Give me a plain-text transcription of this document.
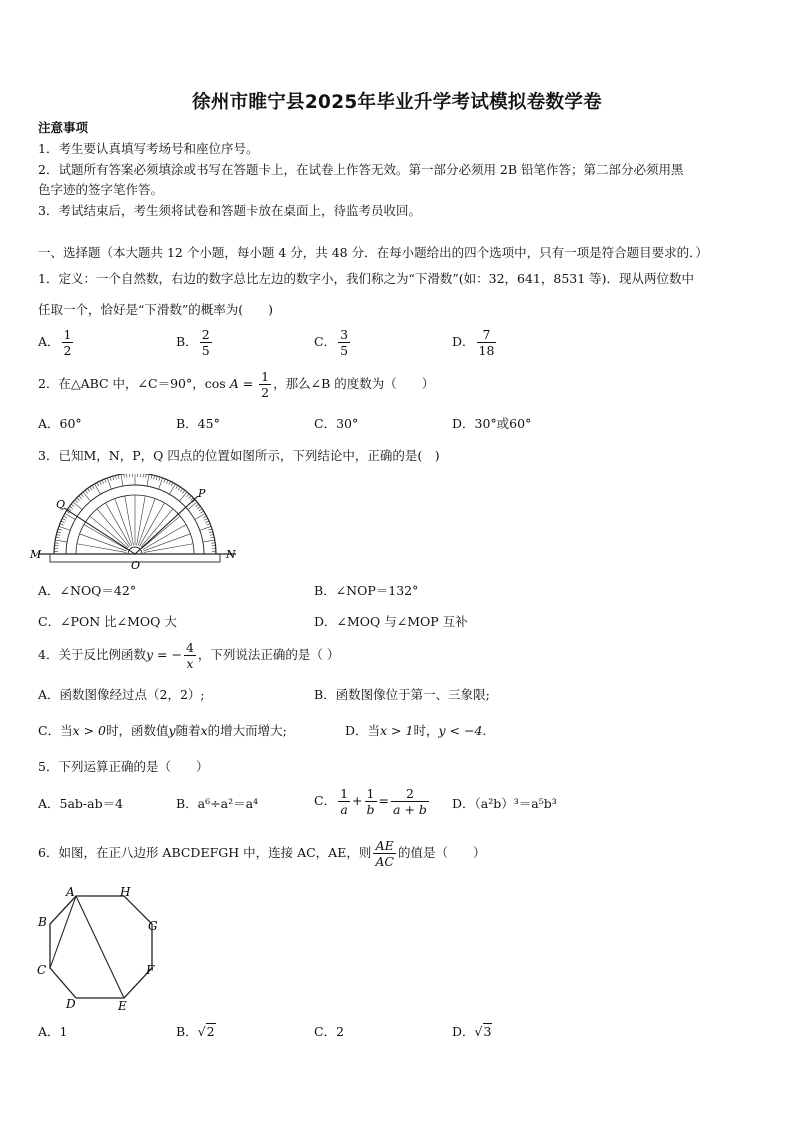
徐州市睢宁县2025年毕业升学考试模拟卷数学卷
注意事项
1．考生要认真填写考场号和座位序号。
2．试题所有答案必须填涂或书写在答题卡上，在试卷上作答无效。第一部分必须用 2B 铅笔作答；第二部分必须用黑
色字迹的签字笔作答。
3．考试结束后，考生须将试卷和答题卡放在桌面上，待监考员收回。
一、选择题（本大题共 12 个小题，每小题 4 分，共 48 分．在每小题给出的四个选项中，只有一项是符合题目要求的．）
1．定义：一个自然数，右边的数字总比左边的数字小，我们称之为“下滑数”(如：32，641，8531 等)．现从两位数中
任取一个，恰好是“下滑数”的概率为(　　)
A． $\frac{1}{2}$	B． $\frac{2}{5}$	C． $\frac{3}{5}$	D． $\frac{7}{18}$
2．在△ABC 中，∠C＝90°，$\cos A = \frac{1}{2}$ ，那么∠B 的度数为（　　）
A．60°	B．45°	C．30°	D．30°或60°
3．已知M，N，P，Q 四点的位置如图所示，下列结论中，正确的是(　)
M	N
O
P
Q
A．∠NOQ＝42°	B．∠NOP＝132°
C．∠PON 比∠MOQ 大	D．∠MOQ 与∠MOP 互补
4．关于反比例函数y = − $\frac{4}{x}$ ，下列说法正确的是（ ）
A．函数图像经过点（2，2）;	B．函数图像位于第一、三象限;
C．当x > 0时，函数值y随着x的增大而增大;	D．当x > 1时，y < −4.
5．下列运算正确的是（　　）
A．5ab-ab＝4	B．a⁶÷a²＝a⁴	C． $\frac{1}{a} + \frac{1}{b} = \frac{2}{a + b}$ D．（a²b）³＝a⁵b³
6．如图，在正八边形 ABCDEFGH 中，连接 AC，AE，则 $\frac{AE}{AC}$ 的值是（　　）
A	H
B	G
C	F
D	E
A．1	B．√2	C．2	D．√3
